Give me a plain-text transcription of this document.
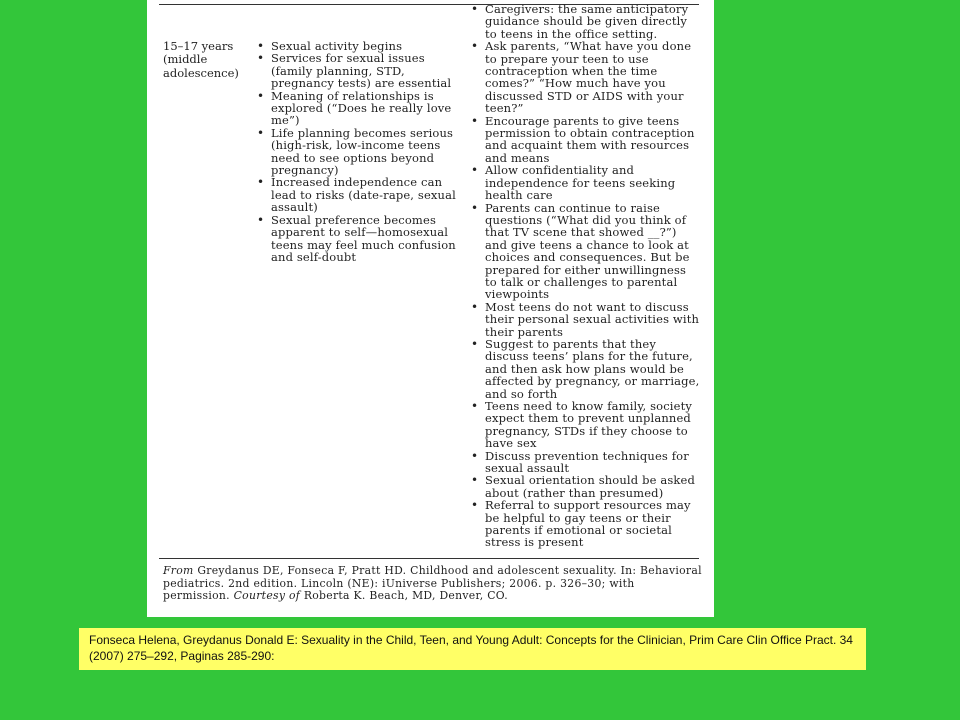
15–17 years
(middle
adolescence)
• Sexual activity begins
• Services for sexual issues (family planning, STD, pregnancy tests) are essential
• Meaning of relationships is explored (“Does he really love me”)
• Life planning becomes serious (high-risk, low-income teens need to see options beyond pregnancy)
• Increased independence can lead to risks (date-rape, sexual assault)
• Sexual preference becomes apparent to self—homosexual teens may feel much confusion and self-doubt
• Caregivers: the same anticipatory guidance should be given directly to teens in the office setting.
• Ask parents, “What have you done to prepare your teen to use contraception when the time comes?” “How much have you discussed STD or AIDS with your teen?”
• Encourage parents to give teens permission to obtain contraception and acquaint them with resources and means
• Allow confidentiality and independence for teens seeking health care
• Parents can continue to raise questions (“What did you think of that TV scene that showed __?”) and give teens a chance to look at choices and consequences. But be prepared for either unwillingness to talk or challenges to parental viewpoints
• Most teens do not want to discuss their personal sexual activities with their parents
• Suggest to parents that they discuss teens’ plans for the future, and then ask how plans would be affected by pregnancy, or marriage, and so forth
• Teens need to know family, society expect them to prevent unplanned pregnancy, STDs if they choose to have sex
• Discuss prevention techniques for sexual assault
• Sexual orientation should be asked about (rather than presumed)
• Referral to support resources may be helpful to gay teens or their parents if emotional or societal stress is present
From Greydanus DE, Fonseca F, Pratt HD. Childhood and adolescent sexuality. In: Behavioral pediatrics. 2nd edition. Lincoln (NE): iUniverse Publishers; 2006. p. 326–30; with permission. Courtesy of Roberta K. Beach, MD, Denver, CO.
Fonseca Helena, Greydanus Donald E: Sexuality in the Child, Teen, and Young Adult: Concepts for the Clinician, Prim Care Clin Office Pract. 34 (2007) 275–292, Paginas 285-290:
